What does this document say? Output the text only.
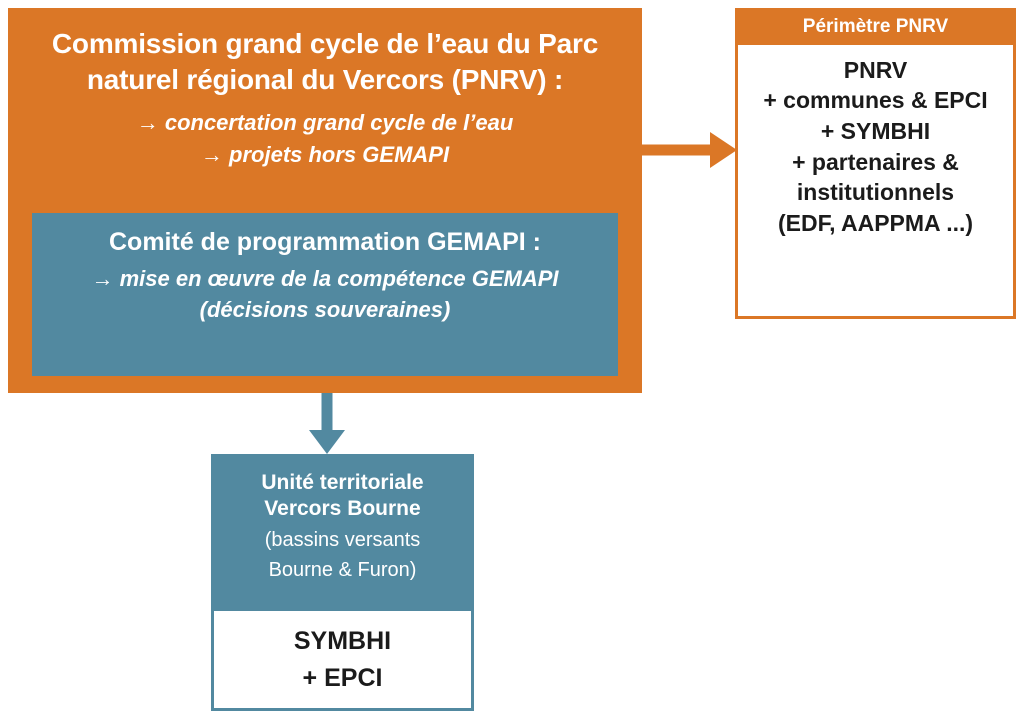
Commission grand cycle de l’eau du Parc naturel régional du Vercors (PNRV) :
→ concertation grand cycle de l’eau
→ projets hors GEMAPI
Comité de programmation GEMAPI :
→ mise en œuvre de la compétence GEMAPI
(décisions souveraines)
Périmètre PNRV
PNRV
+ communes & EPCI
+ SYMBHI
+ partenaires &
institutionnels
(EDF, AAPPMA ...)
Unité territoriale
Vercors Bourne
(bassins versants
Bourne & Furon)
SYMBHI
+ EPCI
